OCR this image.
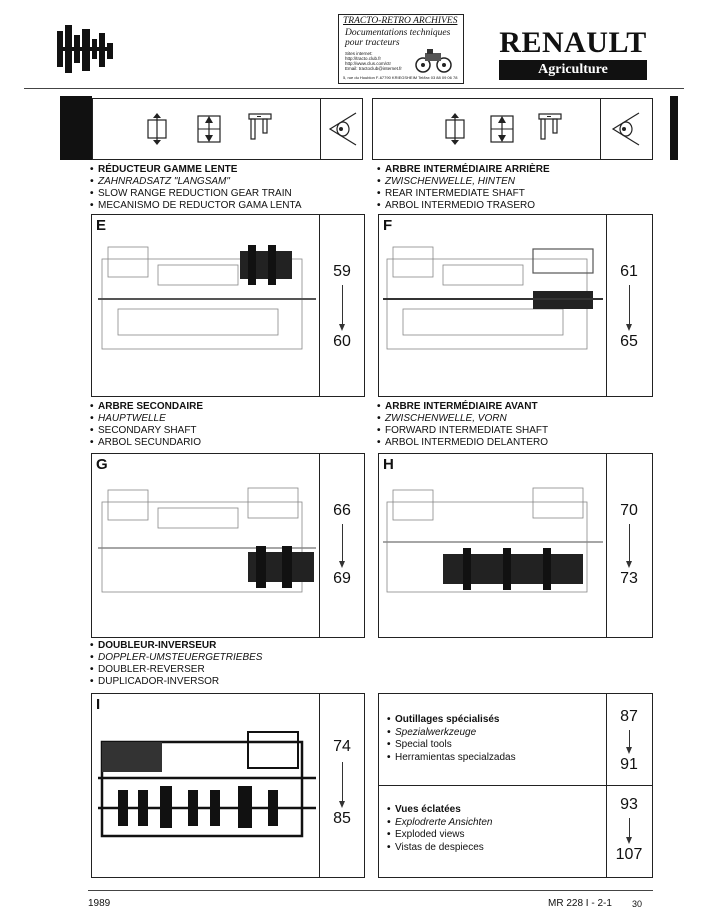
TRACTO-RETRO ARCHIVES
Documentations techniques
pour tracteurs
Sites internet:
http://tracto.club.fr
http://www.clus.com/ctr
Email: tractoclub@internet.fr
5, rue du Houblon F-67790 KRIEGSHEIM Tel/fax 03 88 09 06 78
RENAULT
Agriculture
• RÉDUCTEUR GAMME LENTE
• ZAHNRADSATZ "LANGSAM"
• SLOW RANGE REDUCTION GEAR TRAIN
• MECANISMO DE REDUCTOR GAMA LENTA
E
59
60
• ARBRE INTERMÉDIAIRE ARRIÈRE
• ZWISCHENWELLE, HINTEN
• REAR INTERMEDIATE SHAFT
• ARBOL INTERMEDIO TRASERO
F
61
65
• ARBRE SECONDAIRE
• HAUPTWELLE
• SECONDARY SHAFT
• ARBOL SECUNDARIO
G
66
69
• ARBRE INTERMÉDIAIRE AVANT
• ZWISCHENWELLE, VORN
• FORWARD INTERMEDIATE SHAFT
• ARBOL INTERMEDIO DELANTERO
H
70
73
• DOUBLEUR-INVERSEUR
• DOPPLER-UMSTEUERGETRIEBES
• DOUBLER-REVERSER
• DUPLICADOR-INVERSOR
I
74
85
• Outillages spécialisés
• Spezialwerkzeuge
• Special tools
• Herramientas specialzadas
87
91
• Vues éclatées
• Explodrerte Ansichten
• Exploded views
• Vistas de despieces
93
107
1989	MR 228 I - 2-1 30
